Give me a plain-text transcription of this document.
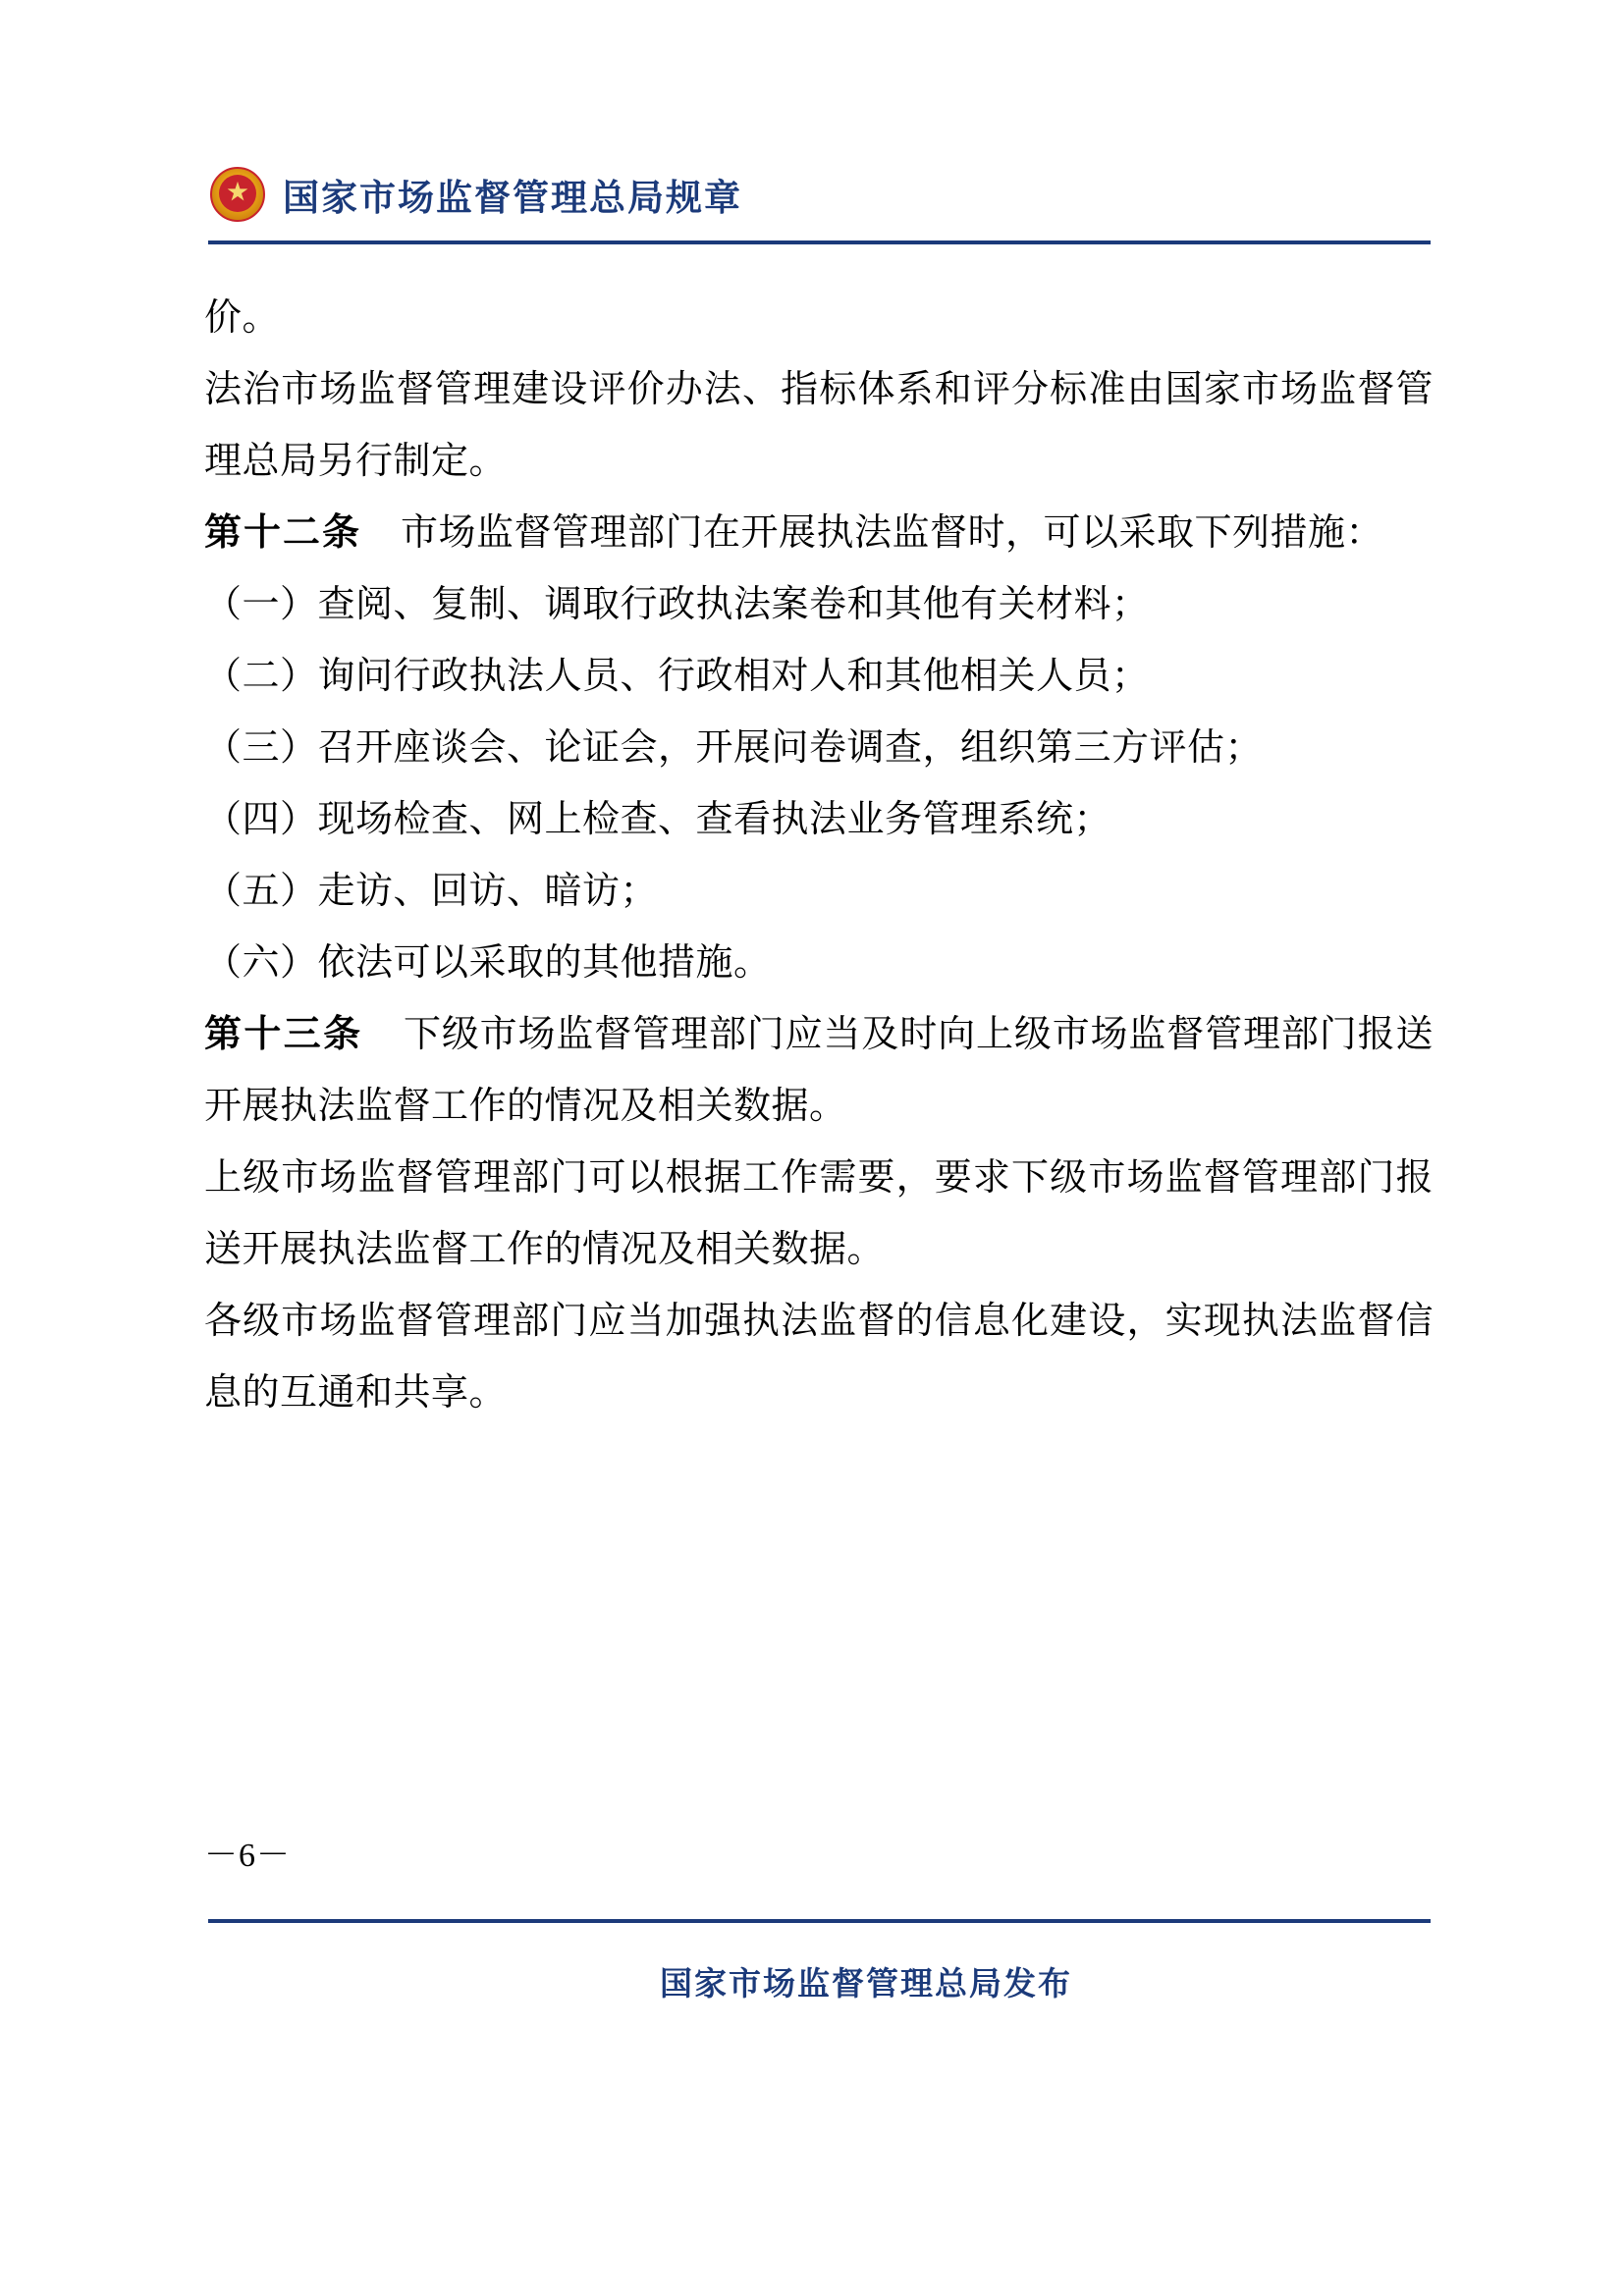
★ 国家市场监督管理总局规章

价。

法治市场监督管理建设评价办法、指标体系和评分标准由国家市场监督管理总局另行制定。

第十二条 市场监督管理部门在开展执法监督时，可以采取下列措施：

（一）查阅、复制、调取行政执法案卷和其他有关材料；

（二）询问行政执法人员、行政相对人和其他相关人员；

（三）召开座谈会、论证会，开展问卷调查，组织第三方评估；

（四）现场检查、网上检查、查看执法业务管理系统；

（五）走访、回访、暗访；

（六）依法可以采取的其他措施。

第十三条 下级市场监督管理部门应当及时向上级市场监督管理部门报送开展执法监督工作的情况及相关数据。

上级市场监督管理部门可以根据工作需要，要求下级市场监督管理部门报送开展执法监督工作的情况及相关数据。

各级市场监督管理部门应当加强执法监督的信息化建设，实现执法监督信息的互通和共享。

－6－
国家市场监督管理总局发布
